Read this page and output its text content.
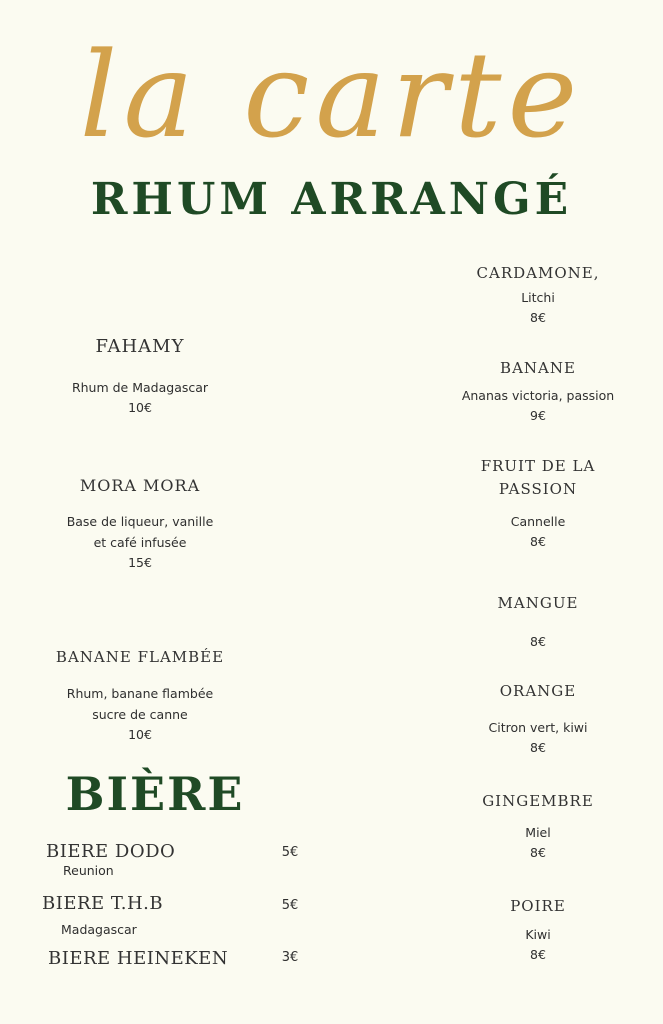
la carte
RHUM ARRANGÉ
FAHAMY
Rhum de Madagascar
10€
MORA MORA
Base de liqueur, vanille
et café infusée
15€
BANANE FLAMBÉE
Rhum, banane flambée
sucre de canne
10€
CARDAMONE,
Litchi
8€
BANANE
Ananas victoria, passion
9€
FRUIT DE LA
PASSION
Cannelle
8€
MANGUE
8€
ORANGE
Citron vert, kiwi
8€
GINGEMBRE
Miel
8€
POIRE
Kiwi
8€
BIÈRE
BIERE DODO	5€
Reunion
BIERE T.H.B	5€
Madagascar
BIERE HEINEKEN	3€
